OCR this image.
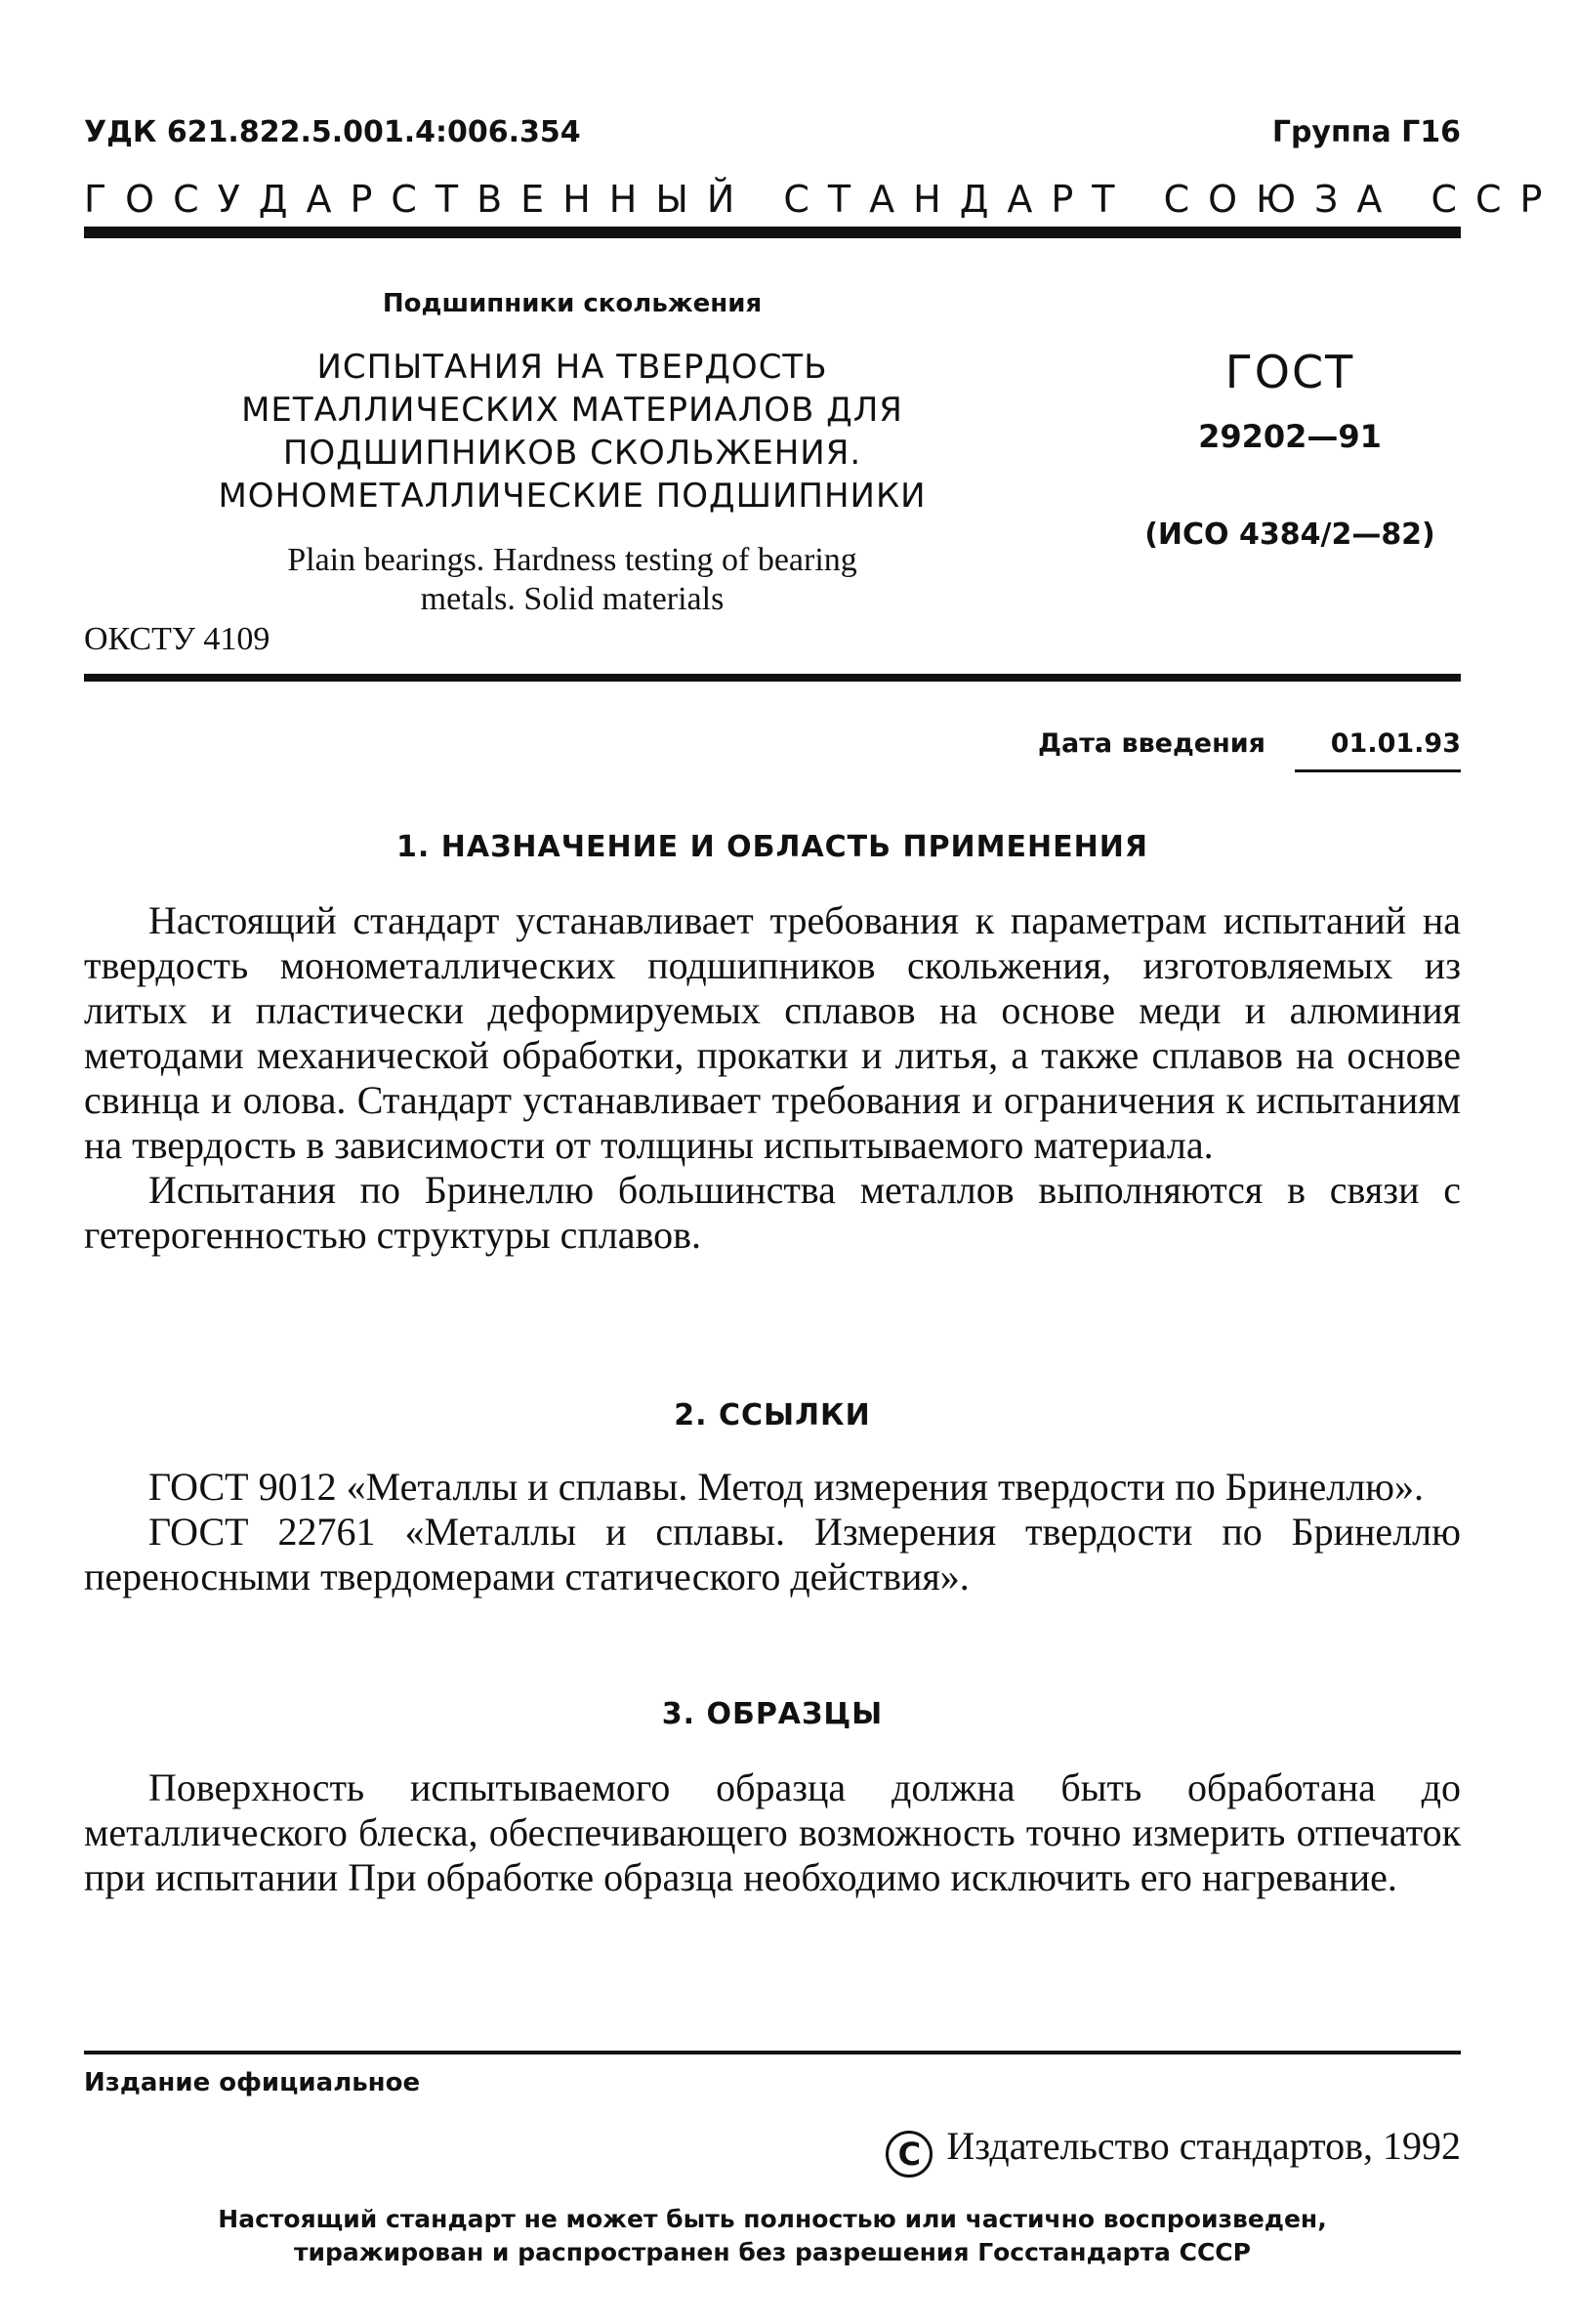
УДК 621.822.5.001.4:006.354	Группа Г16
ГОСУДАРСТВЕННЫЙ СТАНДАРТ СОЮЗА ССР
Подшипники скольжения
ИСПЫТАНИЯ НА ТВЕРДОСТЬ
МЕТАЛЛИЧЕСКИХ МАТЕРИАЛОВ ДЛЯ
ПОДШИПНИКОВ СКОЛЬЖЕНИЯ.
МОНОМЕТАЛЛИЧЕСКИЕ ПОДШИПНИКИ
Plain bearings. Hardness testing of bearing
metals. Solid materials
ОКСТУ 4109
ГОСТ
29202—91
(ИСО 4384/2—82)
Дата введения	01.01.93
1. НАЗНАЧЕНИЕ И ОБЛАСТЬ ПРИМЕНЕНИЯ

Настоящий стандарт устанавливает требования к параметрам испытаний на твердость монометаллических подшипников скольжения, изготовляемых из литых и пластически деформируемых сплавов на основе меди и алюминия методами механической обработки, прокатки и литья, а также сплавов на основе свинца и олова. Стандарт устанавливает требования и ограничения к испытаниям на твердость в зависимости от толщины испытываемого материала.

Испытания по Бринеллю большинства металлов выполняются в связи с гетерогенностью структуры сплавов.

2. ССЫЛКИ

ГОСТ 9012 «Металлы и сплавы. Метод измерения твердости по Бринеллю».

ГОСТ 22761 «Металлы и сплавы. Измерения твердости по Бринеллю переносными твердомерами статического действия».

3. ОБРАЗЦЫ

Поверхность испытываемого образца должна быть обработана до металлического блеска, обеспечивающего возможность точно измерить отпечаток при испытании При обработке образца необходимо исключить его нагревание.

Издание официальное
C Издательство стандартов, 1992
Настоящий стандарт не может быть полностью или частично воспроизведен,
тиражирован и распространен без разрешения Госстандарта СССР
